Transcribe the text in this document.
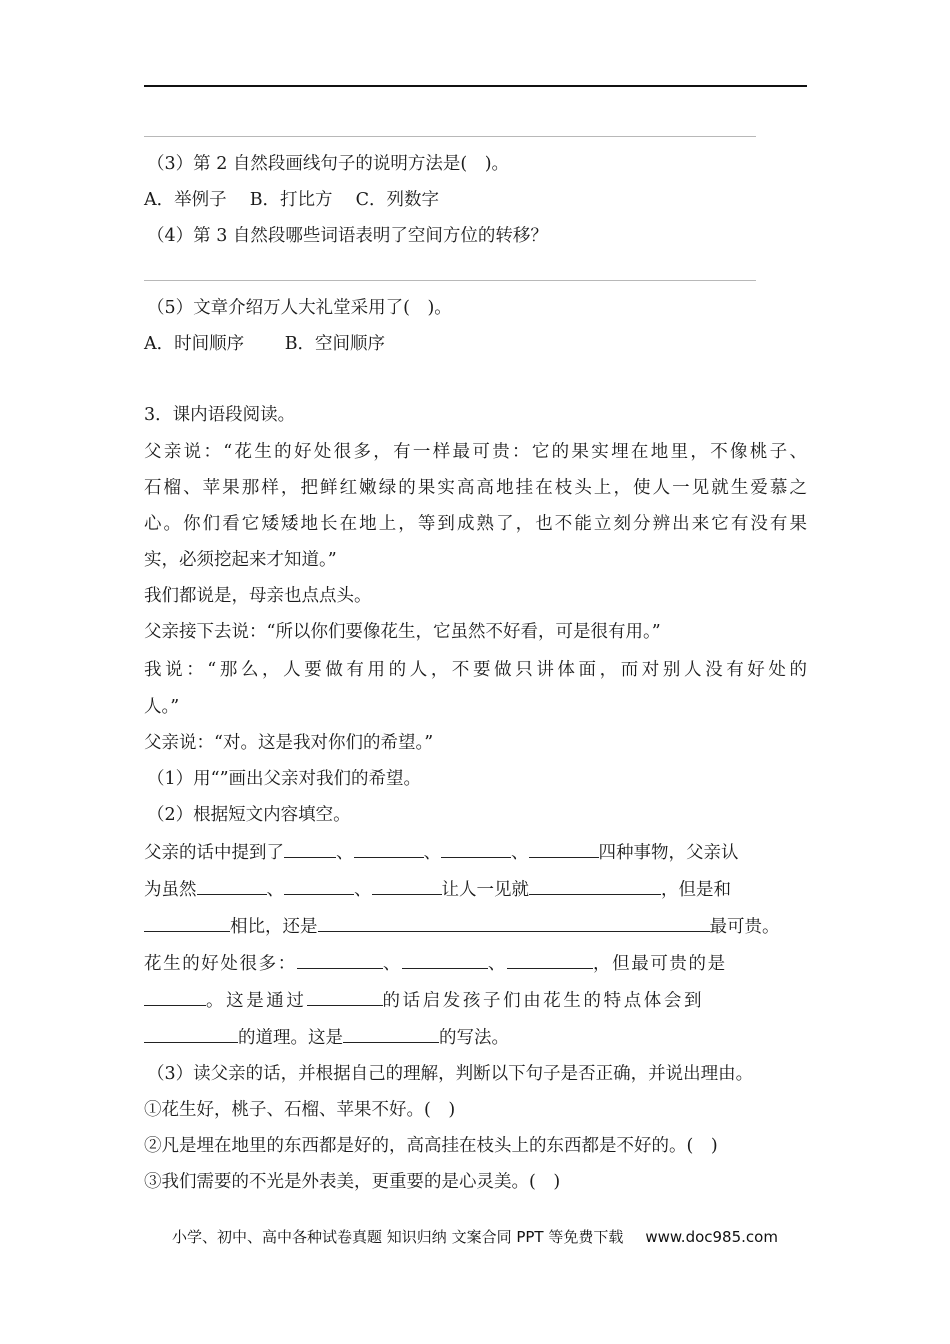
（3）第 2 自然段画线句子的说明方法是(　)。
A．举例子　 B．打比方　 C．列数字
（4）第 3 自然段哪些词语表明了空间方位的转移？
（5）文章介绍万人大礼堂采用了(　)。
A．时间顺序　　 B．空间顺序
3．课内语段阅读。
父亲说：“花生的好处很多，有一样最可贵：它的果实埋在地里，不像桃子、
石榴、苹果那样，把鲜红嫩绿的果实高高地挂在枝头上，使人一见就生爱慕之
心。你们看它矮矮地长在地上，等到成熟了，也不能立刻分辨出来它有没有果
实，必须挖起来才知道。”
我们都说是，母亲也点点头。
父亲接下去说：“所以你们要像花生，它虽然不好看，可是很有用。”
我说：“那么，人要做有用的人，不要做只讲体面，而对别人没有好处的
人。”
父亲说：“对。这是我对你们的希望。”
（1）用“”画出父亲对我们的希望。
（2）根据短文内容填空。
父亲的话中提到了	、	、	、	四种事物，父亲认
为虽然	、	、	让人一见就	，但是和
相比，还是	最可贵。
花生的好处很多：	、	、	，但最可贵的是
。这是通过	的话启发孩子们由花生的特点体会到
的道理。这是	的写法。
（3）读父亲的话，并根据自己的理解，判断以下句子是否正确，并说出理由。
①花生好，桃子、石榴、苹果不好。(　)
②凡是埋在地里的东西都是好的，高高挂在枝头上的东西都是不好的。(　)
③我们需要的不光是外表美，更重要的是心灵美。(　)
小学、初中、高中各种试卷真题 知识归纳 文案合同 PPT 等免费下载 www.doc985.com
